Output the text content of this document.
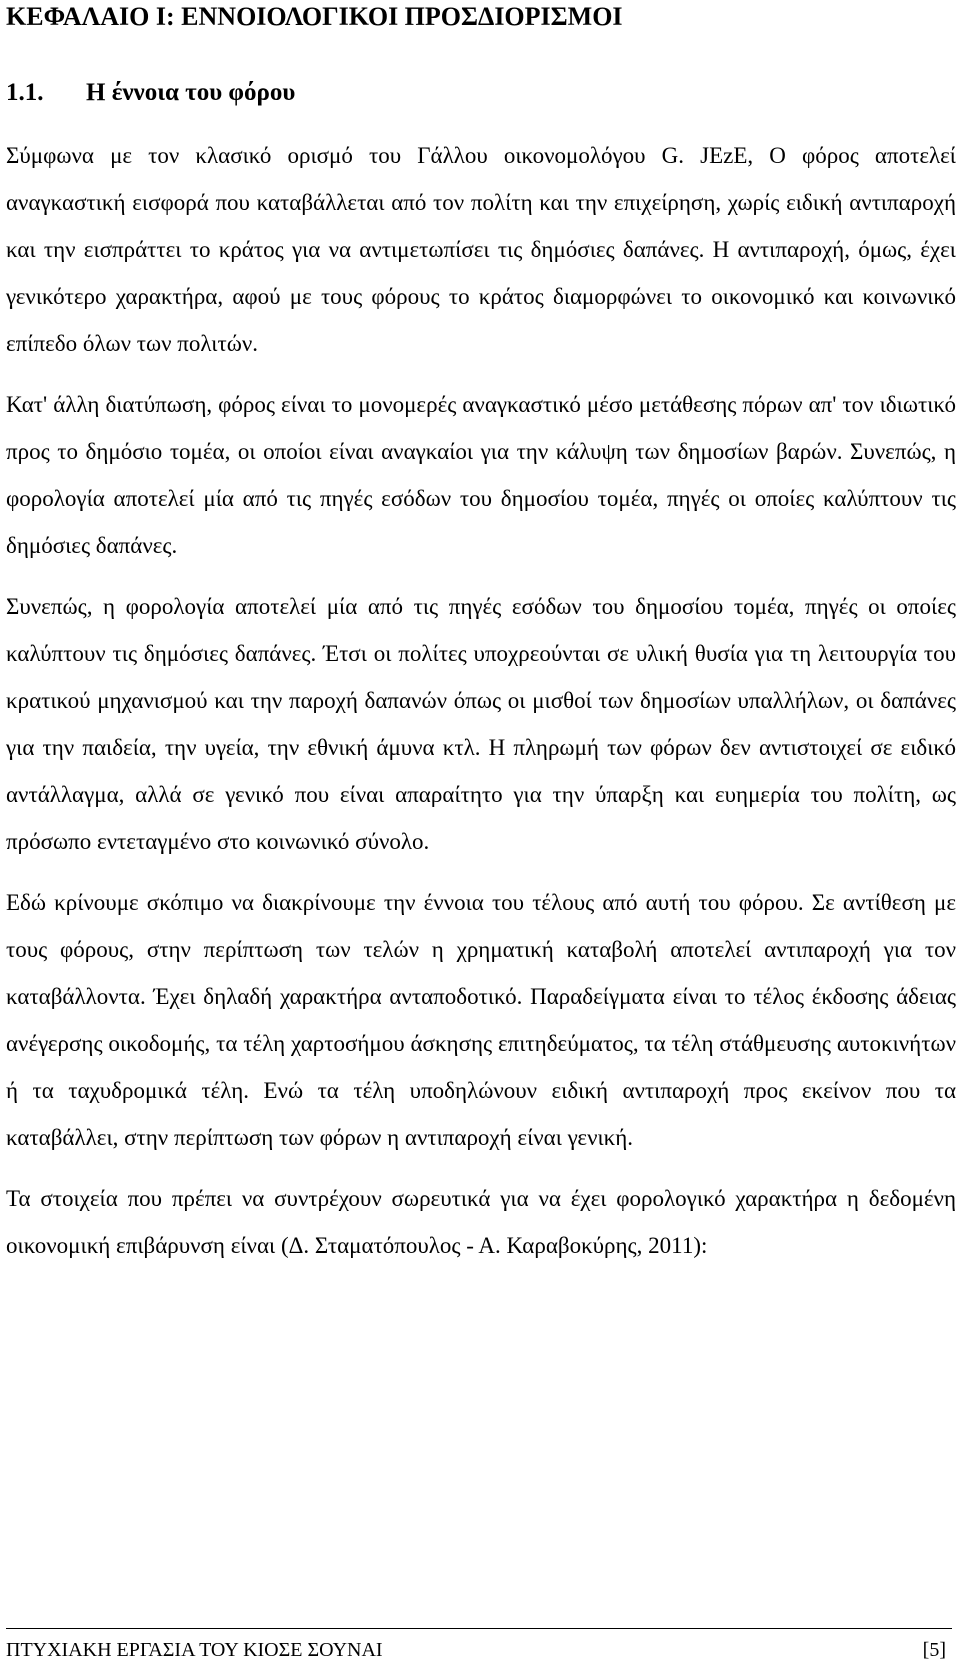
ΚΕΦΑΛΑΙΟ Ι: ΕΝΝΟΙΟΛΟΓΙΚΟΙ ΠΡΟΣΔΙΟΡΙΣΜΟΙ
1.1. Η έννοια του φόρου

Σύμφωνα με τον κλασικό ορισμό του Γάλλου οικονομολόγου G. JEzE, Ο φόρος αποτελεί αναγκαστική εισφορά που καταβάλλεται από τον πολίτη και την επιχείρηση, χωρίς ειδική αντιπαροχή και την εισπράττει το κράτος για να αντιμετωπίσει τις δημόσιες δαπάνες. Η αντιπαροχή, όμως, έχει γενικότερο χαρακτήρα, αφού με τους φόρους το κράτος διαμορφώνει το οικονομικό και κοινωνικό επίπεδο όλων των πολιτών.

Κατ' άλλη διατύπωση, φόρος είναι το μονομερές αναγκαστικό μέσο μετάθεσης πόρων απ' τον ιδιωτικό προς το δημόσιο τομέα, οι οποίοι είναι αναγκαίοι για την κάλυψη των δημοσίων βαρών. Συνεπώς, η φορολογία αποτελεί μία από τις πηγές εσόδων του δημοσίου τομέα, πηγές οι οποίες καλύπτουν τις δημόσιες δαπάνες.

Συνεπώς, η φορολογία αποτελεί μία από τις πηγές εσόδων του δημοσίου τομέα, πηγές οι οποίες καλύπτουν τις δημόσιες δαπάνες. Έτσι οι πολίτες υποχρεούνται σε υλική θυσία για τη λειτουργία του κρατικού μηχανισμού και την παροχή δαπανών όπως οι μισθοί των δημοσίων υπαλλήλων, οι δαπάνες για την παιδεία, την υγεία, την εθνική άμυνα κτλ. Η πληρωμή των φόρων δεν αντιστοιχεί σε ειδικό αντάλλαγμα, αλλά σε γενικό που είναι απαραίτητο για την ύπαρξη και ευημερία του πολίτη, ως πρόσωπο εντεταγμένο στο κοινωνικό σύνολο.

Εδώ κρίνουμε σκόπιμο να διακρίνουμε την έννοια του τέλους από αυτή του φόρου. Σε αντίθεση με τους φόρους, στην περίπτωση των τελών η χρηματική καταβολή αποτελεί αντιπαροχή για τον καταβάλλοντα. Έχει δηλαδή χαρακτήρα ανταποδοτικό. Παραδείγματα είναι το τέλος έκδοσης άδειας ανέγερσης οικοδομής, τα τέλη χαρτοσήμου άσκησης επιτηδεύματος, τα τέλη στάθμευσης αυτοκινήτων ή τα ταχυδρομικά τέλη. Ενώ τα τέλη υποδηλώνουν ειδική αντιπαροχή προς εκείνον που τα καταβάλλει, στην περίπτωση των φόρων η αντιπαροχή είναι γενική.

Τα στοιχεία που πρέπει να συντρέχουν σωρευτικά για να έχει φορολογικό χαρακτήρα η δεδομένη οικονομική επιβάρυνση είναι (Δ. Σταματόπουλος - Α. Καραβοκύρης, 2011):

ΠΤΥΧΙΑΚΗ ΕΡΓΑΣΙΑ ΤΟΥ ΚΙΟΣΕ ΣΟΥΝΑΙ	[5]
